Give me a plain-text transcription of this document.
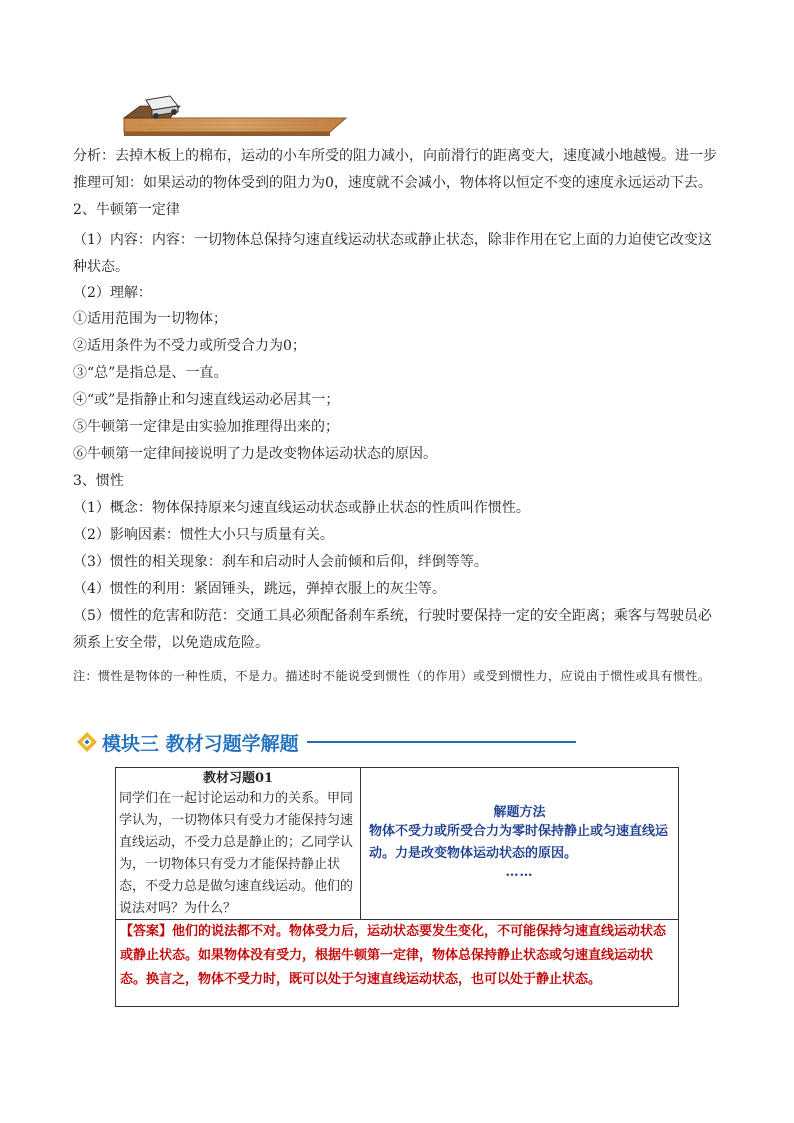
分析：去掉木板上的棉布，运动的小车所受的阻力减小，向前滑行的距离变大，速度减小地越慢。进一步推理可知：如果运动的物体受到的阻力为0，速度就不会减小，物体将以恒定不变的速度永远运动下去。

2、牛顿第一定律

（1）内容：内容：一切物体总保持匀速直线运动状态或静止状态，除非作用在它上面的力迫使它改变这种状态。

（2）理解：

①适用范围为一切物体；

②适用条件为不受力或所受合力为0；

③“总”是指总是、一直。

④“或”是指静止和匀速直线运动必居其一；

⑤牛顿第一定律是由实验加推理得出来的；

⑥牛顿第一定律间接说明了力是改变物体运动状态的原因。

3、惯性

（1）概念：物体保持原来匀速直线运动状态或静止状态的性质叫作惯性。

（2）影响因素：惯性大小只与质量有关。

（3）惯性的相关现象：刹车和启动时人会前倾和后仰，绊倒等等。

（4）惯性的利用：紧固锤头，跳远，弹掉衣服上的灰尘等。

（5）惯性的危害和防范：交通工具必须配备刹车系统，行驶时要保持一定的安全距离；乘客与驾驶员必须系上安全带，以免造成危险。

注：惯性是物体的一种性质，不是力。描述时不能说受到惯性（的作用）或受到惯性力，应说由于惯性或具有惯性。

模块三 教材习题学解题
教材习题01

同学们在一起讨论运动和力的关系。甲同学认为，一切物体只有受力才能保持匀速直线运动，不受力总是静止的；乙同学认为，一切物体只有受力才能保持静止状态，不受力总是做匀速直线运动。他们的说法对吗？为什么？

解题方法

物体不受力或所受合力为零时保持静止或匀速直线运动。力是改变物体运动状态的原因。

……
【答案】他们的说法都不对。物体受力后，运动状态要发生变化，不可能保持匀速直线运动状态或静止状态。如果物体没有受力，根据牛顿第一定律，物体总保持静止状态或匀速直线运动状态。换言之，物体不受力时，既可以处于匀速直线运动状态，也可以处于静止状态。
